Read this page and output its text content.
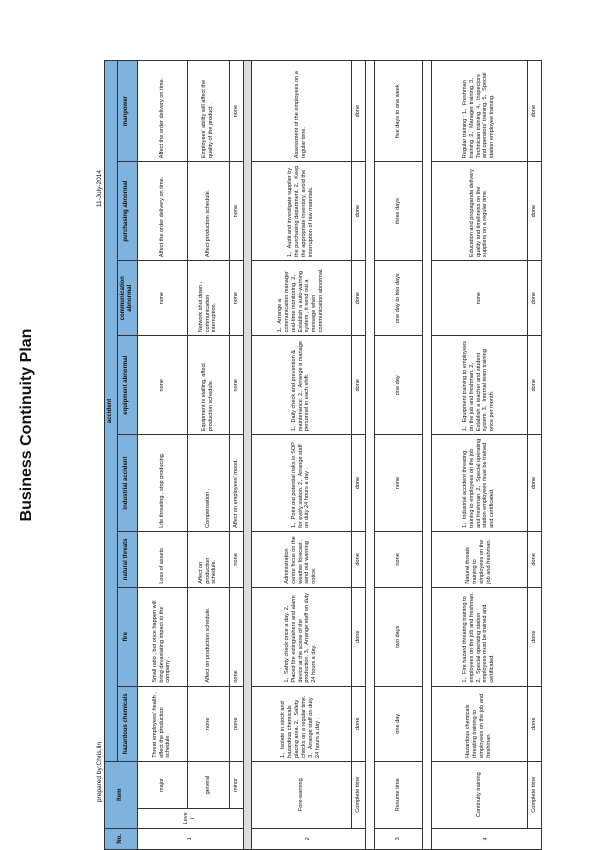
Business Continuity Plan
prepared by:Chris.lin
11-July-2014
No.	Item		accident							
			hazardous chemicals	fire	natural threats	industrial accident	equipment abnormal	communication abnormal	purchasing abnormal	manpower
1	Level	major	Threat employees' health , affect the production schedule.	Small ratio , but once happen will bring devastating impact to the company .	Loss of assets	Life threating , stop producing.	none	none	Affect the order delivery on time.	Affect the order delivery on time.
		general	none	Affect on production schedule.	Affect on production schedule.	Compensation .	Equipment is stalling, affect production schedule.	Network shut down , communication interruption.	Affect production schedule.	Employees' ability will affect the quality of the product .
		minor	none	none	none	Affect on employees' mood.	none	none	none	none

2	Fore-warning		1、Isolate in stock and hazardous chemicals placing area. 2、Safety checks on a regular time. 3、Arrange staff on duty 24 hours a day .	1、Safety check once a day. 2、Placed fire extinguishers and alarm device at the scene of the production. 3、Arrange staff on duty 24 hours a day.	Administration centre focus on the weather forecast , send out warning notice.	1、Point out potential risks in SOP for every station. 2、Arrange staff on duty 24 hours a day .	1、Daily check and prevention & maintenance. 2、Arrange a manage personnel in each shift.	1、Arrange a communication manager real-time monitoring. 2、Establish a auto-warning system , it send out a message when communication abnormal.	1、Audit and investigate supplier by the purchasing department. 2、Keep the appropriate inventory, avoid the interruption of raw materials.	Assessment of the employees on a regular time.
	Complete time		done	done	done	done	done	done	done	done

3	Resume time		one day	two days	none	none	one day	one day to two days	three days	five days to one week

4	Continuity training		Hazardous chemicals threating training to employees on the job and freshman.	1、Fire hazard threating training to employees on the job and freshman. 2、Special operating station employees must be trained and certificated.	Natural threats training to employees on the job and freshman.	1、Industrial accident threating training to employees on the job and freshman. 2、Special operating station employees must be trained and certificated.	1、Equipment training to employees on the job and freshman. 2、Establish a teacher and student system. 3、Internal team training once per month.	none	Education and propaganda delivery quality and timeliness on the suppliers on a regular time.	Regular training : 1、Freshman training. 2、Manager training. 3、Technician training. 4、Inspectors and operators' training. 5、Special station employee training.
	Complete time		done	done	done	done	done	done	done	done
